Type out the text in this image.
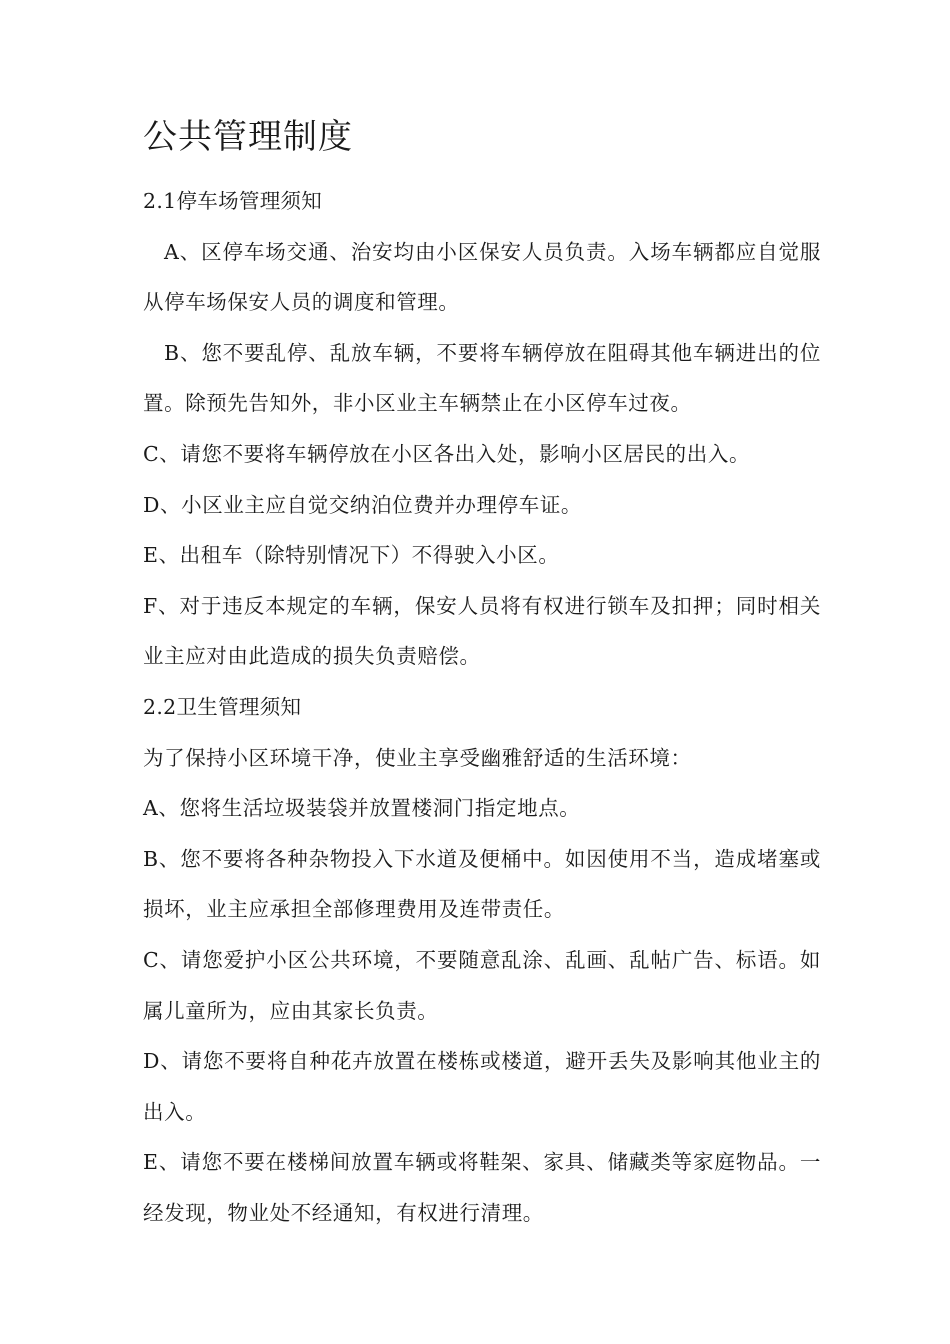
公共管理制度

2.1停车场管理须知

A、区停车场交通、治安均由小区保安人员负责。入场车辆都应自觉服从停车场保安人员的调度和管理。

B、您不要乱停、乱放车辆，不要将车辆停放在阻碍其他车辆进出的位置。除预先告知外，非小区业主车辆禁止在小区停车过夜。

C、请您不要将车辆停放在小区各出入处，影响小区居民的出入。

D、小区业主应自觉交纳泊位费并办理停车证。

E、出租车（除特别情况下）不得驶入小区。

F、对于违反本规定的车辆，保安人员将有权进行锁车及扣押；同时相关业主应对由此造成的损失负责赔偿。

2.2卫生管理须知

为了保持小区环境干净，使业主享受幽雅舒适的生活环境：

A、您将生活垃圾装袋并放置楼洞门指定地点。

B、您不要将各种杂物投入下水道及便桶中。如因使用不当，造成堵塞或损坏，业主应承担全部修理费用及连带责任。

C、请您爱护小区公共环境，不要随意乱涂、乱画、乱帖广告、标语。如属儿童所为，应由其家长负责。

D、请您不要将自种花卉放置在楼栋或楼道，避开丢失及影响其他业主的出入。

E、请您不要在楼梯间放置车辆或将鞋架、家具、储藏类等家庭物品。一经发现，物业处不经通知，有权进行清理。
